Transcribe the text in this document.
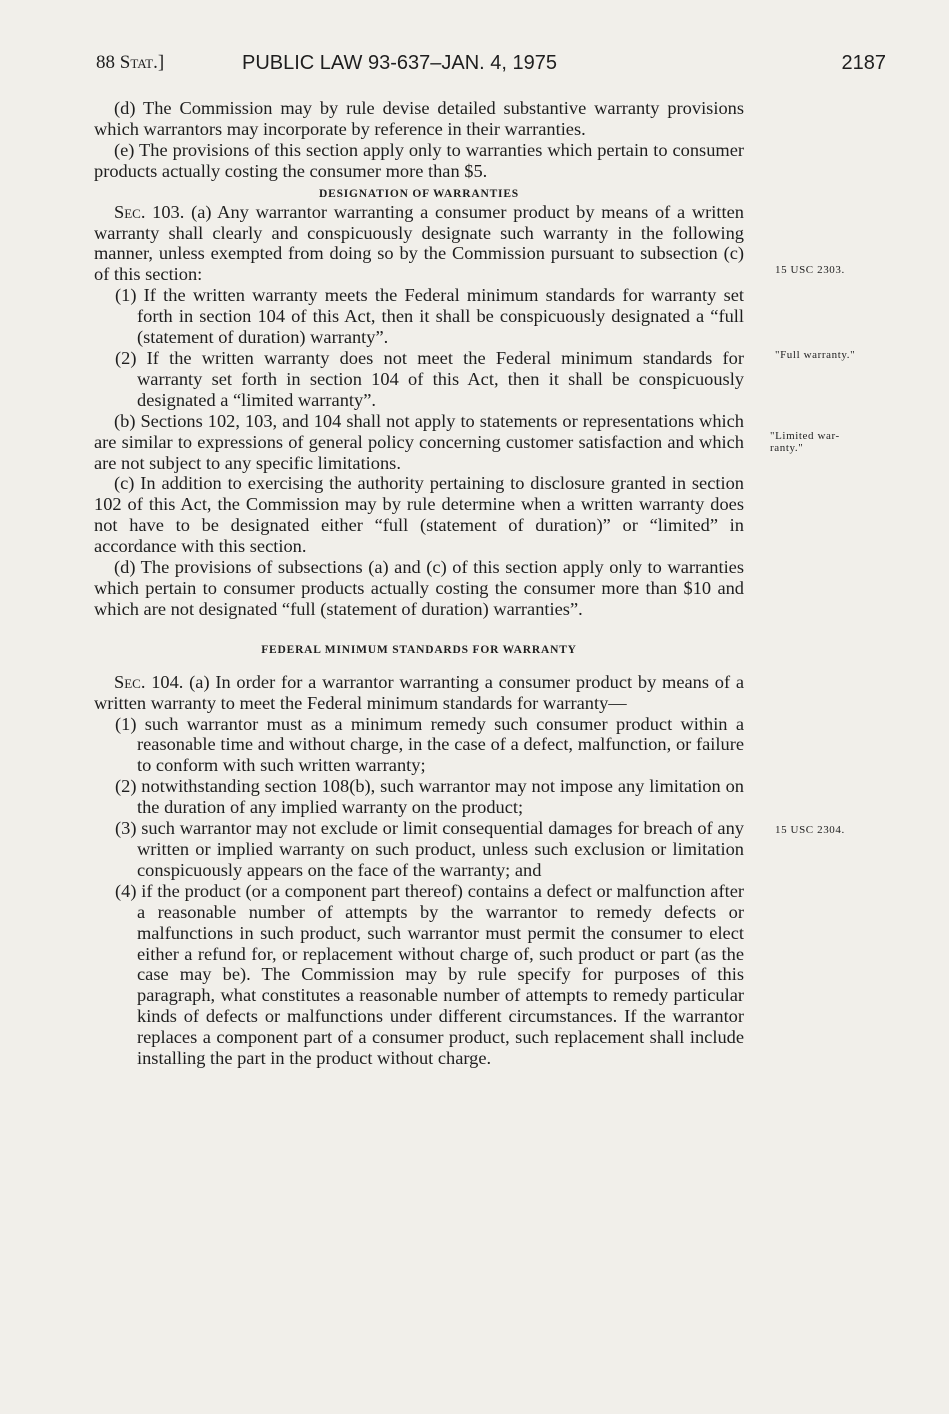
88 Stat.]	PUBLIC LAW 93-637–JAN. 4, 1975	2187
15 USC 2303.
"Full warranty."
"Limited war-
ranty."
15 USC 2304.

(d) The Commission may by rule devise detailed substantive warranty provisions which warrantors may incorporate by reference in their warranties.

(e) The provisions of this section apply only to warranties which pertain to consumer products actually costing the consumer more than $5.

DESIGNATION OF WARRANTIES

Sec. 103. (a) Any warrantor warranting a consumer product by means of a written warranty shall clearly and conspicuously designate such warranty in the following manner, unless exempted from doing so by the Commission pursuant to subsection (c) of this section:

(1) If the written warranty meets the Federal minimum standards for warranty set forth in section 104 of this Act, then it shall be conspicuously designated a “full (statement of duration) warranty”.

(2) If the written warranty does not meet the Federal minimum standards for warranty set forth in section 104 of this Act, then it shall be conspicuously designated a “limited warranty”.

(b) Sections 102, 103, and 104 shall not apply to statements or representations which are similar to expressions of general policy concerning customer satisfaction and which are not subject to any specific limitations.

(c) In addition to exercising the authority pertaining to disclosure granted in section 102 of this Act, the Commission may by rule determine when a written warranty does not have to be designated either “full (statement of duration)” or “limited” in accordance with this section.

(d) The provisions of subsections (a) and (c) of this section apply only to warranties which pertain to consumer products actually costing the consumer more than $10 and which are not designated “full (statement of duration) warranties”.

FEDERAL MINIMUM STANDARDS FOR WARRANTY

Sec. 104. (a) In order for a warrantor warranting a consumer product by means of a written warranty to meet the Federal minimum standards for warranty—

(1) such warrantor must as a minimum remedy such consumer product within a reasonable time and without charge, in the case of a defect, malfunction, or failure to conform with such written warranty;

(2) notwithstanding section 108(b), such warrantor may not impose any limitation on the duration of any implied warranty on the product;

(3) such warrantor may not exclude or limit consequential damages for breach of any written or implied warranty on such product, unless such exclusion or limitation conspicuously appears on the face of the warranty; and

(4) if the product (or a component part thereof) contains a defect or malfunction after a reasonable number of attempts by the warrantor to remedy defects or malfunctions in such product, such warrantor must permit the consumer to elect either a refund for, or replacement without charge of, such product or part (as the case may be). The Commission may by rule specify for purposes of this paragraph, what constitutes a reasonable number of attempts to remedy particular kinds of defects or malfunctions under different circumstances. If the warrantor replaces a component part of a consumer product, such replacement shall include installing the part in the product without charge.
